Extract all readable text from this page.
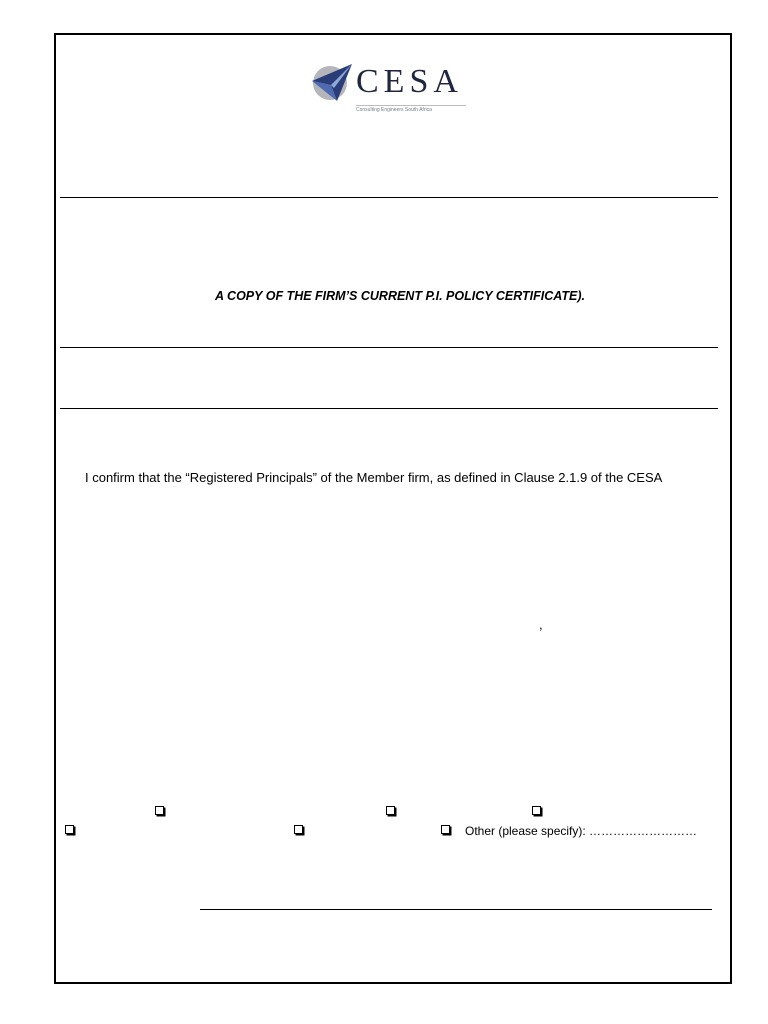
CESA
Consulting Engineers South Africa
A COPY OF THE FIRM’S CURRENT P.I. POLICY CERTIFICATE).
I confirm that the “Registered Principals” of the Member firm, as defined in Clause 2.1.9 of the CESA
,
Other (please specify): ………………………
